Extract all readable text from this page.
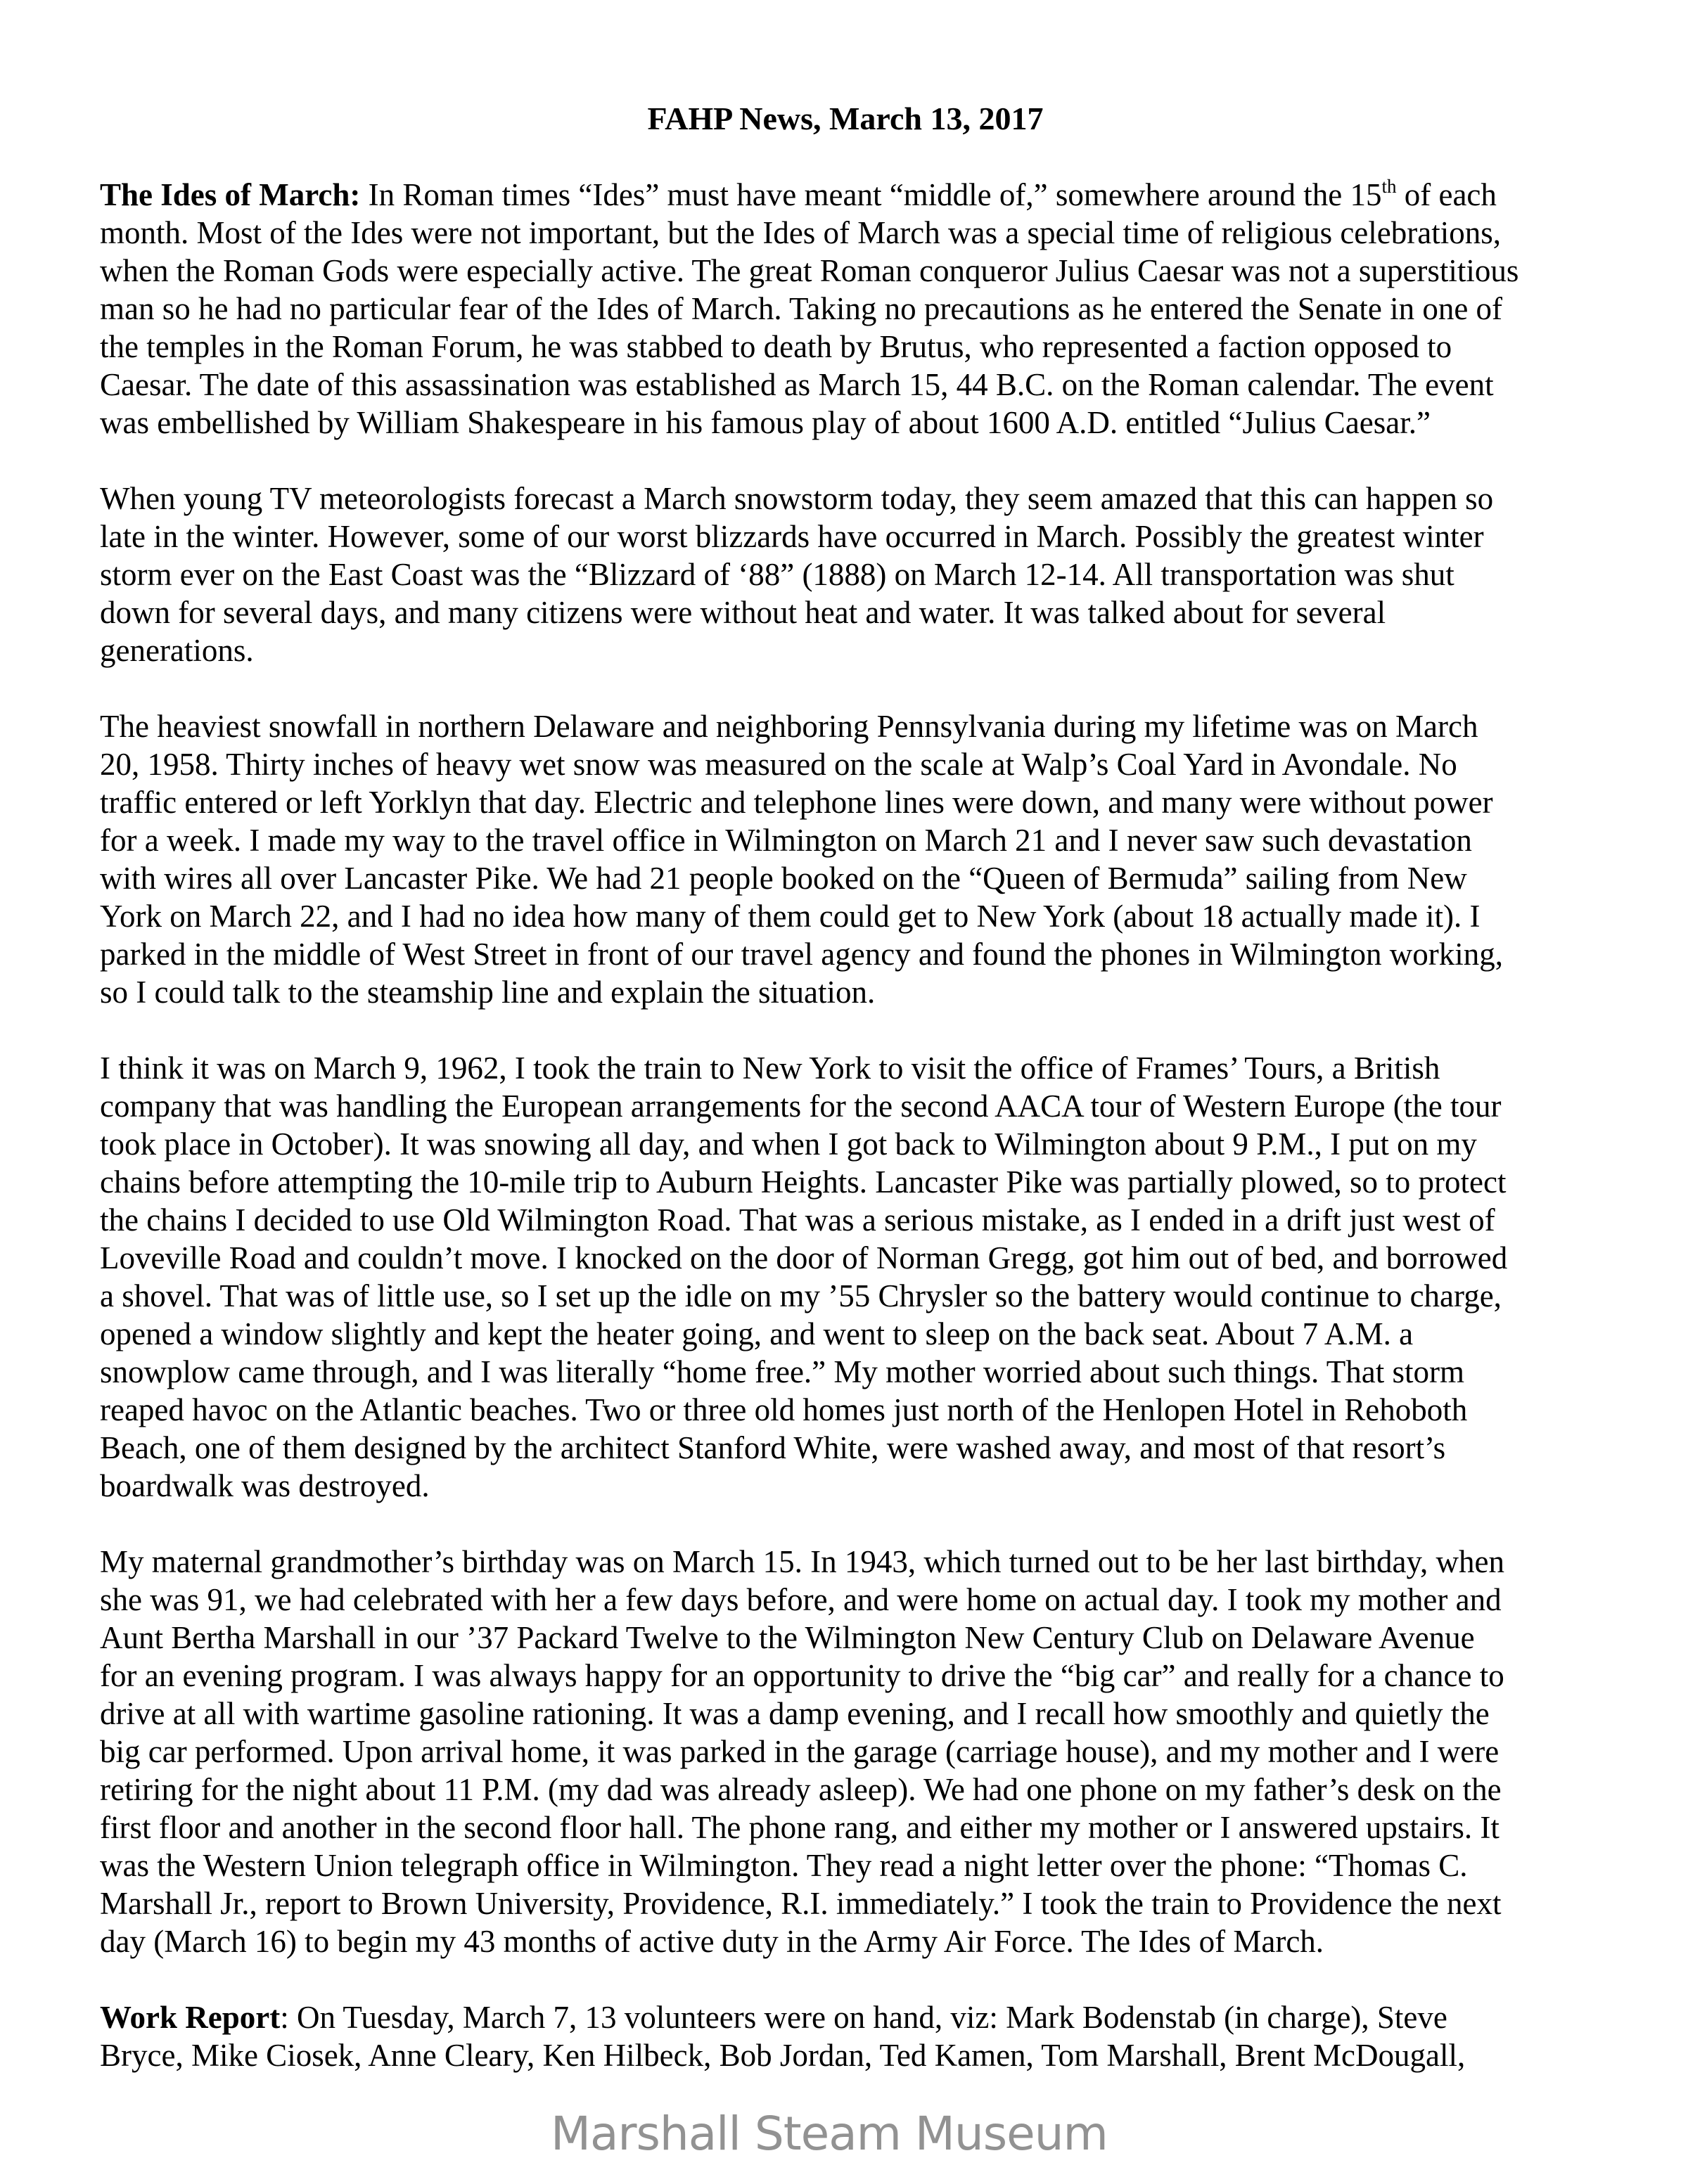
FAHP News, March 13, 2017
The Ides of March: In Roman times “Ides” must have meant “middle of,” somewhere around the 15th of each
month. Most of the Ides were not important, but the Ides of March was a special time of religious celebrations,
when the Roman Gods were especially active. The great Roman conqueror Julius Caesar was not a superstitious
man so he had no particular fear of the Ides of March. Taking no precautions as he entered the Senate in one of
the temples in the Roman Forum, he was stabbed to death by Brutus, who represented a faction opposed to
Caesar. The date of this assassination was established as March 15, 44 B.C. on the Roman calendar. The event
was embellished by William Shakespeare in his famous play of about 1600 A.D. entitled “Julius Caesar.”
When young TV meteorologists forecast a March snowstorm today, they seem amazed that this can happen so
late in the winter. However, some of our worst blizzards have occurred in March. Possibly the greatest winter
storm ever on the East Coast was the “Blizzard of ‘88” (1888) on March 12-14. All transportation was shut
down for several days, and many citizens were without heat and water. It was talked about for several
generations.
The heaviest snowfall in northern Delaware and neighboring Pennsylvania during my lifetime was on March
20, 1958. Thirty inches of heavy wet snow was measured on the scale at Walp’s Coal Yard in Avondale. No
traffic entered or left Yorklyn that day. Electric and telephone lines were down, and many were without power
for a week. I made my way to the travel office in Wilmington on March 21 and I never saw such devastation
with wires all over Lancaster Pike. We had 21 people booked on the “Queen of Bermuda” sailing from New
York on March 22, and I had no idea how many of them could get to New York (about 18 actually made it). I
parked in the middle of West Street in front of our travel agency and found the phones in Wilmington working,
so I could talk to the steamship line and explain the situation.
I think it was on March 9, 1962, I took the train to New York to visit the office of Frames’ Tours, a British
company that was handling the European arrangements for the second AACA tour of Western Europe (the tour
took place in October). It was snowing all day, and when I got back to Wilmington about 9 P.M., I put on my
chains before attempting the 10-mile trip to Auburn Heights. Lancaster Pike was partially plowed, so to protect
the chains I decided to use Old Wilmington Road. That was a serious mistake, as I ended in a drift just west of
Loveville Road and couldn’t move. I knocked on the door of Norman Gregg, got him out of bed, and borrowed
a shovel. That was of little use, so I set up the idle on my ’55 Chrysler so the battery would continue to charge,
opened a window slightly and kept the heater going, and went to sleep on the back seat. About 7 A.M. a
snowplow came through, and I was literally “home free.” My mother worried about such things. That storm
reaped havoc on the Atlantic beaches. Two or three old homes just north of the Henlopen Hotel in Rehoboth
Beach, one of them designed by the architect Stanford White, were washed away, and most of that resort’s
boardwalk was destroyed.
My maternal grandmother’s birthday was on March 15. In 1943, which turned out to be her last birthday, when
she was 91, we had celebrated with her a few days before, and were home on actual day. I took my mother and
Aunt Bertha Marshall in our ’37 Packard Twelve to the Wilmington New Century Club on Delaware Avenue
for an evening program. I was always happy for an opportunity to drive the “big car” and really for a chance to
drive at all with wartime gasoline rationing. It was a damp evening, and I recall how smoothly and quietly the
big car performed. Upon arrival home, it was parked in the garage (carriage house), and my mother and I were
retiring for the night about 11 P.M. (my dad was already asleep). We had one phone on my father’s desk on the
first floor and another in the second floor hall. The phone rang, and either my mother or I answered upstairs. It
was the Western Union telegraph office in Wilmington. They read a night letter over the phone: “Thomas C.
Marshall Jr., report to Brown University, Providence, R.I. immediately.” I took the train to Providence the next
day (March 16) to begin my 43 months of active duty in the Army Air Force. The Ides of March.
Work Report: On Tuesday, March 7, 13 volunteers were on hand, viz: Mark Bodenstab (in charge), Steve
Bryce, Mike Ciosek, Anne Cleary, Ken Hilbeck, Bob Jordan, Ted Kamen, Tom Marshall, Brent McDougall,
Marshall Steam Museum
